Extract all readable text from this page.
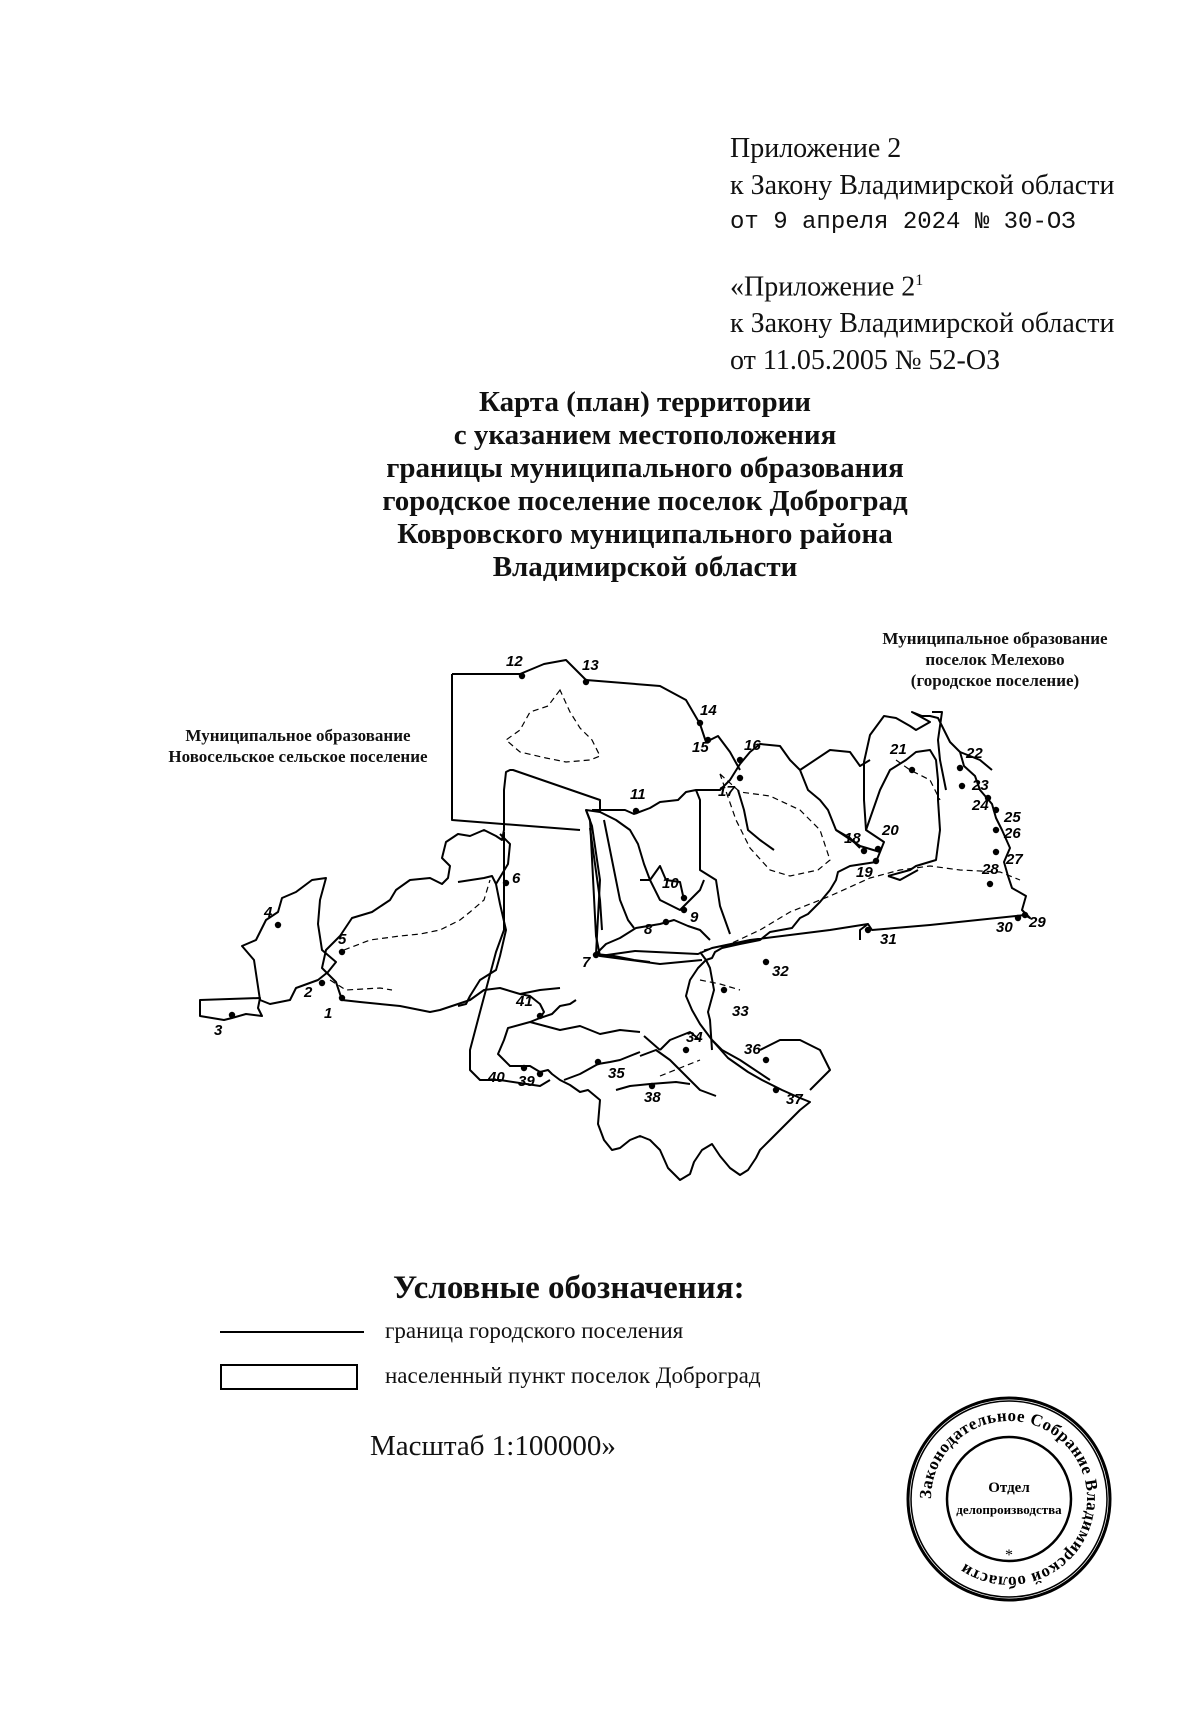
Приложение 2
к Закону Владимирской области
от 9 апреля 2024 № 30-ОЗ
«Приложение $2^1$
к Закону Владимирской области
от 11.05.2005 № 52-ОЗ
Карта (план) территории
с указанием местоположения
границы муниципального образования
городское поселение поселок Доброград
Ковровского муниципального района
Владимирской области
Муниципальное образование
поселок Мелехово
(городское поселение)
Муниципальное образование
Новосельское сельское поселение
1
2
3
4
5
6
7
8
9
10
11
12	13
14
15 16
17
18
19
20
21	22
23
24
25
26
27
28
29
30
31
32
33
34
35
36
37
38
39
40
41
Условные обозначения:
граница городского поселения
населенный пункт поселок Доброград
Масштаб 1:100000»
Законодательное Собрание Владимирской области
*
Отдел
делопроизводства
